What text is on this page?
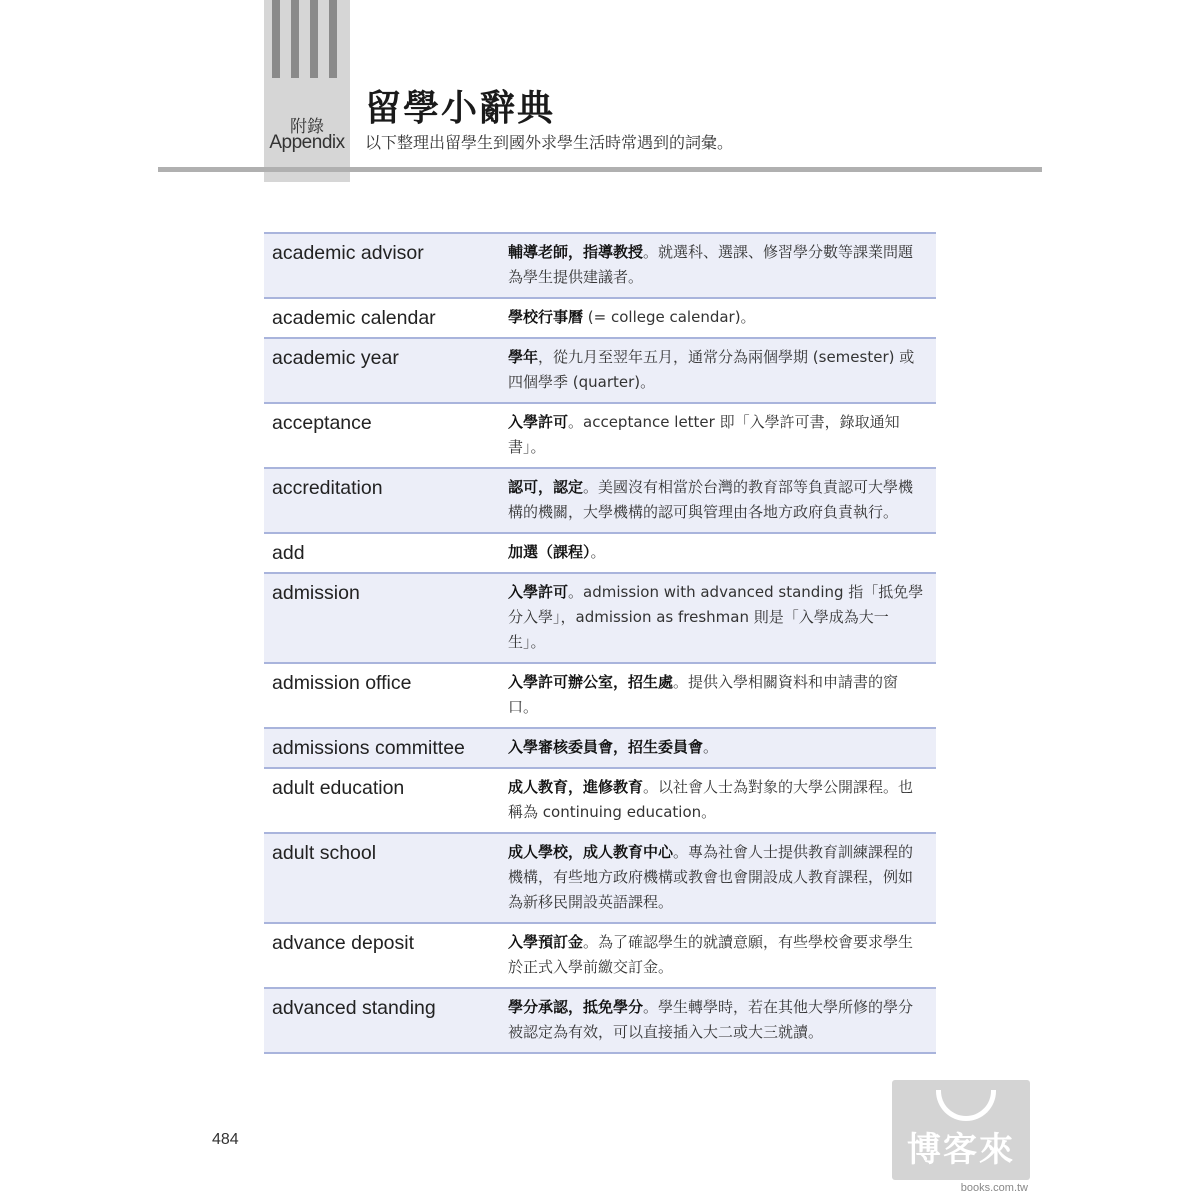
附錄
Appendix
留學小辭典
以下整理出留學生到國外求學生活時常遇到的詞彙。
academic advisor	輔導老師，指導教授。就選科、選課、修習學分數等課業問題為學生提供建議者。
academic calendar	學校行事曆 (= college calendar)。
academic year	學年，從九月至翌年五月，通常分為兩個學期 (semester) 或四個學季 (quarter)。
acceptance	入學許可。acceptance letter 即「入學許可書，錄取通知書」。
accreditation	認可，認定。美國沒有相當於台灣的教育部等負責認可大學機構的機關，大學機構的認可與管理由各地方政府負責執行。
add	加選（課程）。
admission	入學許可。admission with advanced standing 指「抵免學分入學」，admission as freshman 則是「入學成為大一生」。
admission office	入學許可辦公室，招生處。提供入學相關資料和申請書的窗口。
admissions committee	入學審核委員會，招生委員會。
adult education	成人教育，進修教育。以社會人士為對象的大學公開課程。也稱為 continuing education。
adult school	成人學校，成人教育中心。專為社會人士提供教育訓練課程的機構，有些地方政府機構或教會也會開設成人教育課程，例如為新移民開設英語課程。
advance deposit	入學預訂金。為了確認學生的就讀意願，有些學校會要求學生於正式入學前繳交訂金。
advanced standing	學分承認，抵免學分。學生轉學時，若在其他大學所修的學分被認定為有效，可以直接插入大二或大三就讀。
484	博客來
books.com.tw
